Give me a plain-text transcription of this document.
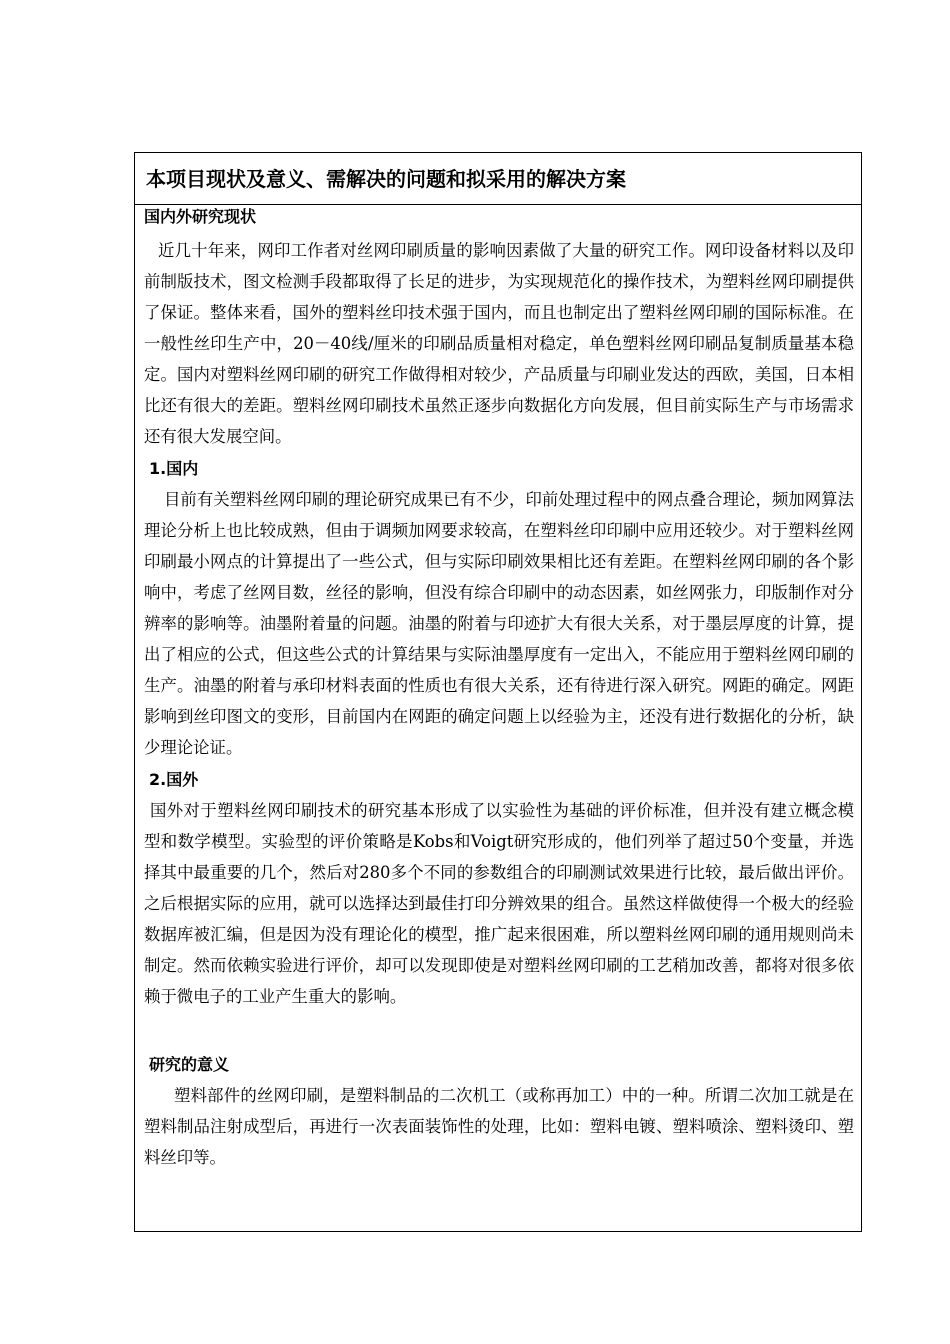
本项目现状及意义、需解决的问题和拟采用的解决方案
国内外研究现状

近几十年来，网印工作者对丝网印刷质量的影响因素做了大量的研究工作。网印设备材料以及印前制版技术，图文检测手段都取得了长足的进步，为实现规范化的操作技术，为塑料丝网印刷提供了保证。整体来看，国外的塑料丝印技术强于国内，而且也制定出了塑料丝网印刷的国际标准。在一般性丝印生产中，20－40线/厘米的印刷品质量相对稳定，单色塑料丝网印刷品复制质量基本稳定。国内对塑料丝网印刷的研究工作做得相对较少，产品质量与印刷业发达的西欧，美国，日本相比还有很大的差距。塑料丝网印刷技术虽然正逐步向数据化方向发展，但目前实际生产与市场需求还有很大发展空间。

1.国内

目前有关塑料丝网印刷的理论研究成果已有不少，印前处理过程中的网点叠合理论，频加网算法理论分析上也比较成熟，但由于调频加网要求较高，在塑料丝印印刷中应用还较少。对于塑料丝网印刷最小网点的计算提出了一些公式，但与实际印刷效果相比还有差距。在塑料丝网印刷的各个影响中，考虑了丝网目数，丝径的影响，但没有综合印刷中的动态因素，如丝网张力，印版制作对分辨率的影响等。油墨附着量的问题。油墨的附着与印迹扩大有很大关系，对于墨层厚度的计算，提出了相应的公式，但这些公式的计算结果与实际油墨厚度有一定出入，不能应用于塑料丝网印刷的生产。油墨的附着与承印材料表面的性质也有很大关系，还有待进行深入研究。网距的确定。网距影响到丝印图文的变形，目前国内在网距的确定问题上以经验为主，还没有进行数据化的分析，缺少理论论证。

2.国外

国外对于塑料丝网印刷技术的研究基本形成了以实验性为基础的评价标准，但并没有建立概念模型和数学模型。实验型的评价策略是Kobs和Voigt研究形成的，他们列举了超过50个变量，并选择其中最重要的几个，然后对280多个不同的参数组合的印刷测试效果进行比较，最后做出评价。之后根据实际的应用，就可以选择达到最佳打印分辨效果的组合。虽然这样做使得一个极大的经验数据库被汇编，但是因为没有理论化的模型，推广起来很困难，所以塑料丝网印刷的通用规则尚未制定。然而依赖实验进行评价，却可以发现即使是对塑料丝网印刷的工艺稍加改善，都将对很多依赖于微电子的工业产生重大的影响。

研究的意义

塑料部件的丝网印刷，是塑料制品的二次机工（或称再加工）中的一种。所谓二次加工就是在塑料制品注射成型后，再进行一次表面装饰性的处理，比如：塑料电镀、塑料喷涂、塑料烫印、塑料丝印等。
